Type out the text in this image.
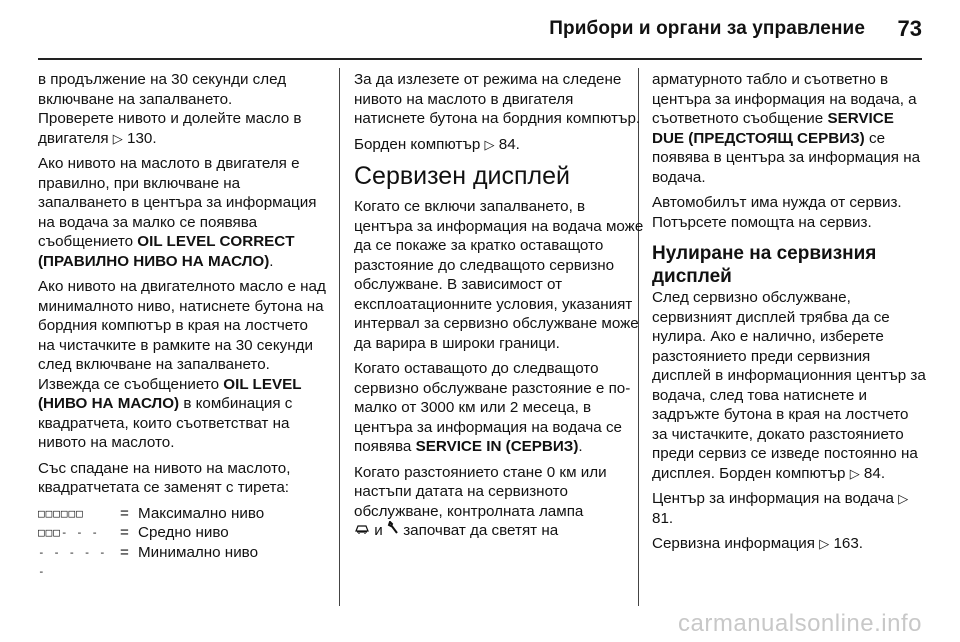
Прибори и органи за управление 73

в продължение на 30 секунди след включване на запалването.
Проверете нивото и долейте масло в двигателя ▷ 130.

Ако нивото на маслото в двигателя е правилно, при включване на запалването в центъра за информация на водача за малко се появява съобщението OIL LEVEL CORRECT (ПРАВИЛНО НИВО НА МАСЛО).

Ако нивото на двигателното масло е над минималното ниво, натиснете бутона на бордния компютър в края на лостчето на чистачките в рамките на 30 секунди след включване на запалването. Извежда се съобщението OIL LEVEL (НИВО НА МАСЛО) в комбинация с квадратчета, които съответстват на нивото на маслото.

Със спадане на нивото на маслото, квадратчетата се заменят с тирета:

□□□□□□	= Максимално ниво
□□□- - -	= Средно ниво
- - - - - -
= Минимално ниво

За да излезете от режима на следене нивото на маслото в двигателя натиснете бутона на бордния компютър.

Борден компютър ▷ 84.

Сервизен дисплей

Когато се включи запалването, в центъра за информация на водача може да се покаже за кратко оставащото разстояние до следващото сервизно обслужване. В зависимост от експлоатационните условия, указаният интервал за сервизно обслужване може да варира в широки граници.

Когато оставащото до следващото сервизно обслужване разстояние е по-малко от 3000 км или 2 месеца, в центъра за информация на водача се появява SERVICE IN (СЕРВИЗ).

Когато разстоянието стане 0 км или настъпи датата на сервизното обслужване, контролната лампа
и започват да светят на

арматурното табло и съответно в центъра за информация на водача, а съответното съобщение SERVICE DUE (ПРЕДСТОЯЩ СЕРВИЗ) се появява в центъра за информация на водача.

Автомобилът има нужда от сервиз. Потърсете помощта на сервиз.

Нулиране на сервизния дисплей

След сервизно обслужване, сервизният дисплей трябва да се нулира. Ако е налично, изберете разстоянието преди сервизния дисплей в информационния център за водача, след това натиснете и задръжте бутона в края на лостчето за чистачките, докато разстоянието преди сервиз се изведе постоянно на дисплея. Борден компютър ▷ 84.

Център за информация на водача ▷ 81.

Сервизна информация ▷ 163.

carmanualsonline.info
